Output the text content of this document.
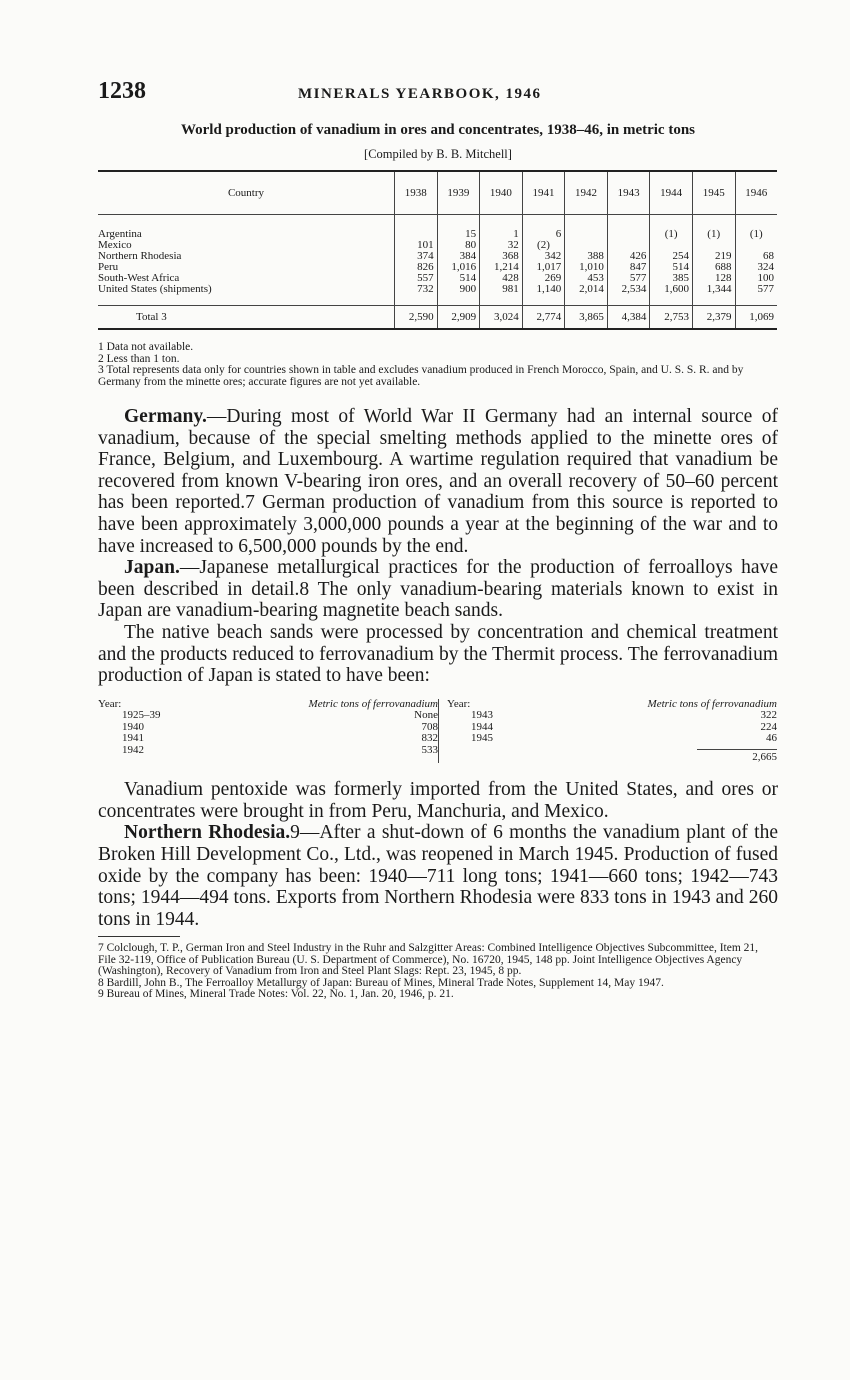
1238	MINERALS YEARBOOK, 1946
World production of vanadium in ores and concentrates, 1938–46, in metric tons
[Compiled by B. B. Mitchell]
Country	1938	1939	1940	1941	1942	1943	1944	1945	1946
Argentina		15	1	6			(1)	(1)	(1)
Mexico	101	80	32	(2)					
Northern Rhodesia	374	384	368	342	388	426	254	219	68
Peru	826	1,016	1,214	1,017	1,010	847	514	688	324
South-West Africa	557	514	428	269	453	577	385	128	100
United States (shipments)	732	900	981	1,140	2,014	2,534	1,600	1,344	577
Total 3	2,590	2,909	3,024	2,774	3,865	4,384	2,753	2,379	1,069

1 Data not available.

2 Less than 1 ton.

3 Total represents data only for countries shown in table and excludes vanadium produced in French Morocco, Spain, and U. S. S. R. and by Germany from the minette ores; accurate figures are not yet available.

Germany.—During most of World War II Germany had an internal source of vanadium, because of the special smelting methods applied to the minette ores of France, Belgium, and Luxembourg. A wartime regulation required that vanadium be recovered from known V-bearing iron ores, and an overall recovery of 50–60 percent has been reported.7 German production of vanadium from this source is reported to have been approximately 3,000,000 pounds a year at the beginning of the war and to have increased to 6,500,000 pounds by the end.

Japan.—Japanese metallurgical practices for the production of ferroalloys have been described in detail.8 The only vanadium-bearing materials known to exist in Japan are vanadium-bearing magnetite beach sands.

The native beach sands were processed by concentration and chemical treatment and the products reduced to ferrovanadium by the Thermit process. The ferrovanadium production of Japan is stated to have been:

Year:	Metric tons of ferrovanadium
1925–39	None
1940	708
1941	832
1942	533
Year:	Metric tons of ferrovanadium
1943	322
1944	224
1945	46
2,665

Vanadium pentoxide was formerly imported from the United States, and ores or concentrates were brought in from Peru, Manchuria, and Mexico.

Northern Rhodesia.9—After a shut-down of 6 months the vanadium plant of the Broken Hill Development Co., Ltd., was reopened in March 1945. Production of fused oxide by the company has been: 1940—711 long tons; 1941—660 tons; 1942—743 tons; 1944—494 tons. Exports from Northern Rhodesia were 833 tons in 1943 and 260 tons in 1944.

7 Colclough, T. P., German Iron and Steel Industry in the Ruhr and Salzgitter Areas: Combined Intelligence Objectives Subcommittee, Item 21, File 32-119, Office of Publication Bureau (U. S. Department of Commerce), No. 16720, 1945, 148 pp. Joint Intelligence Objectives Agency (Washington), Recovery of Vanadium from Iron and Steel Plant Slags: Rept. 23, 1945, 8 pp.

8 Bardill, John B., The Ferroalloy Metallurgy of Japan: Bureau of Mines, Mineral Trade Notes, Supplement 14, May 1947.

9 Bureau of Mines, Mineral Trade Notes: Vol. 22, No. 1, Jan. 20, 1946, p. 21.
